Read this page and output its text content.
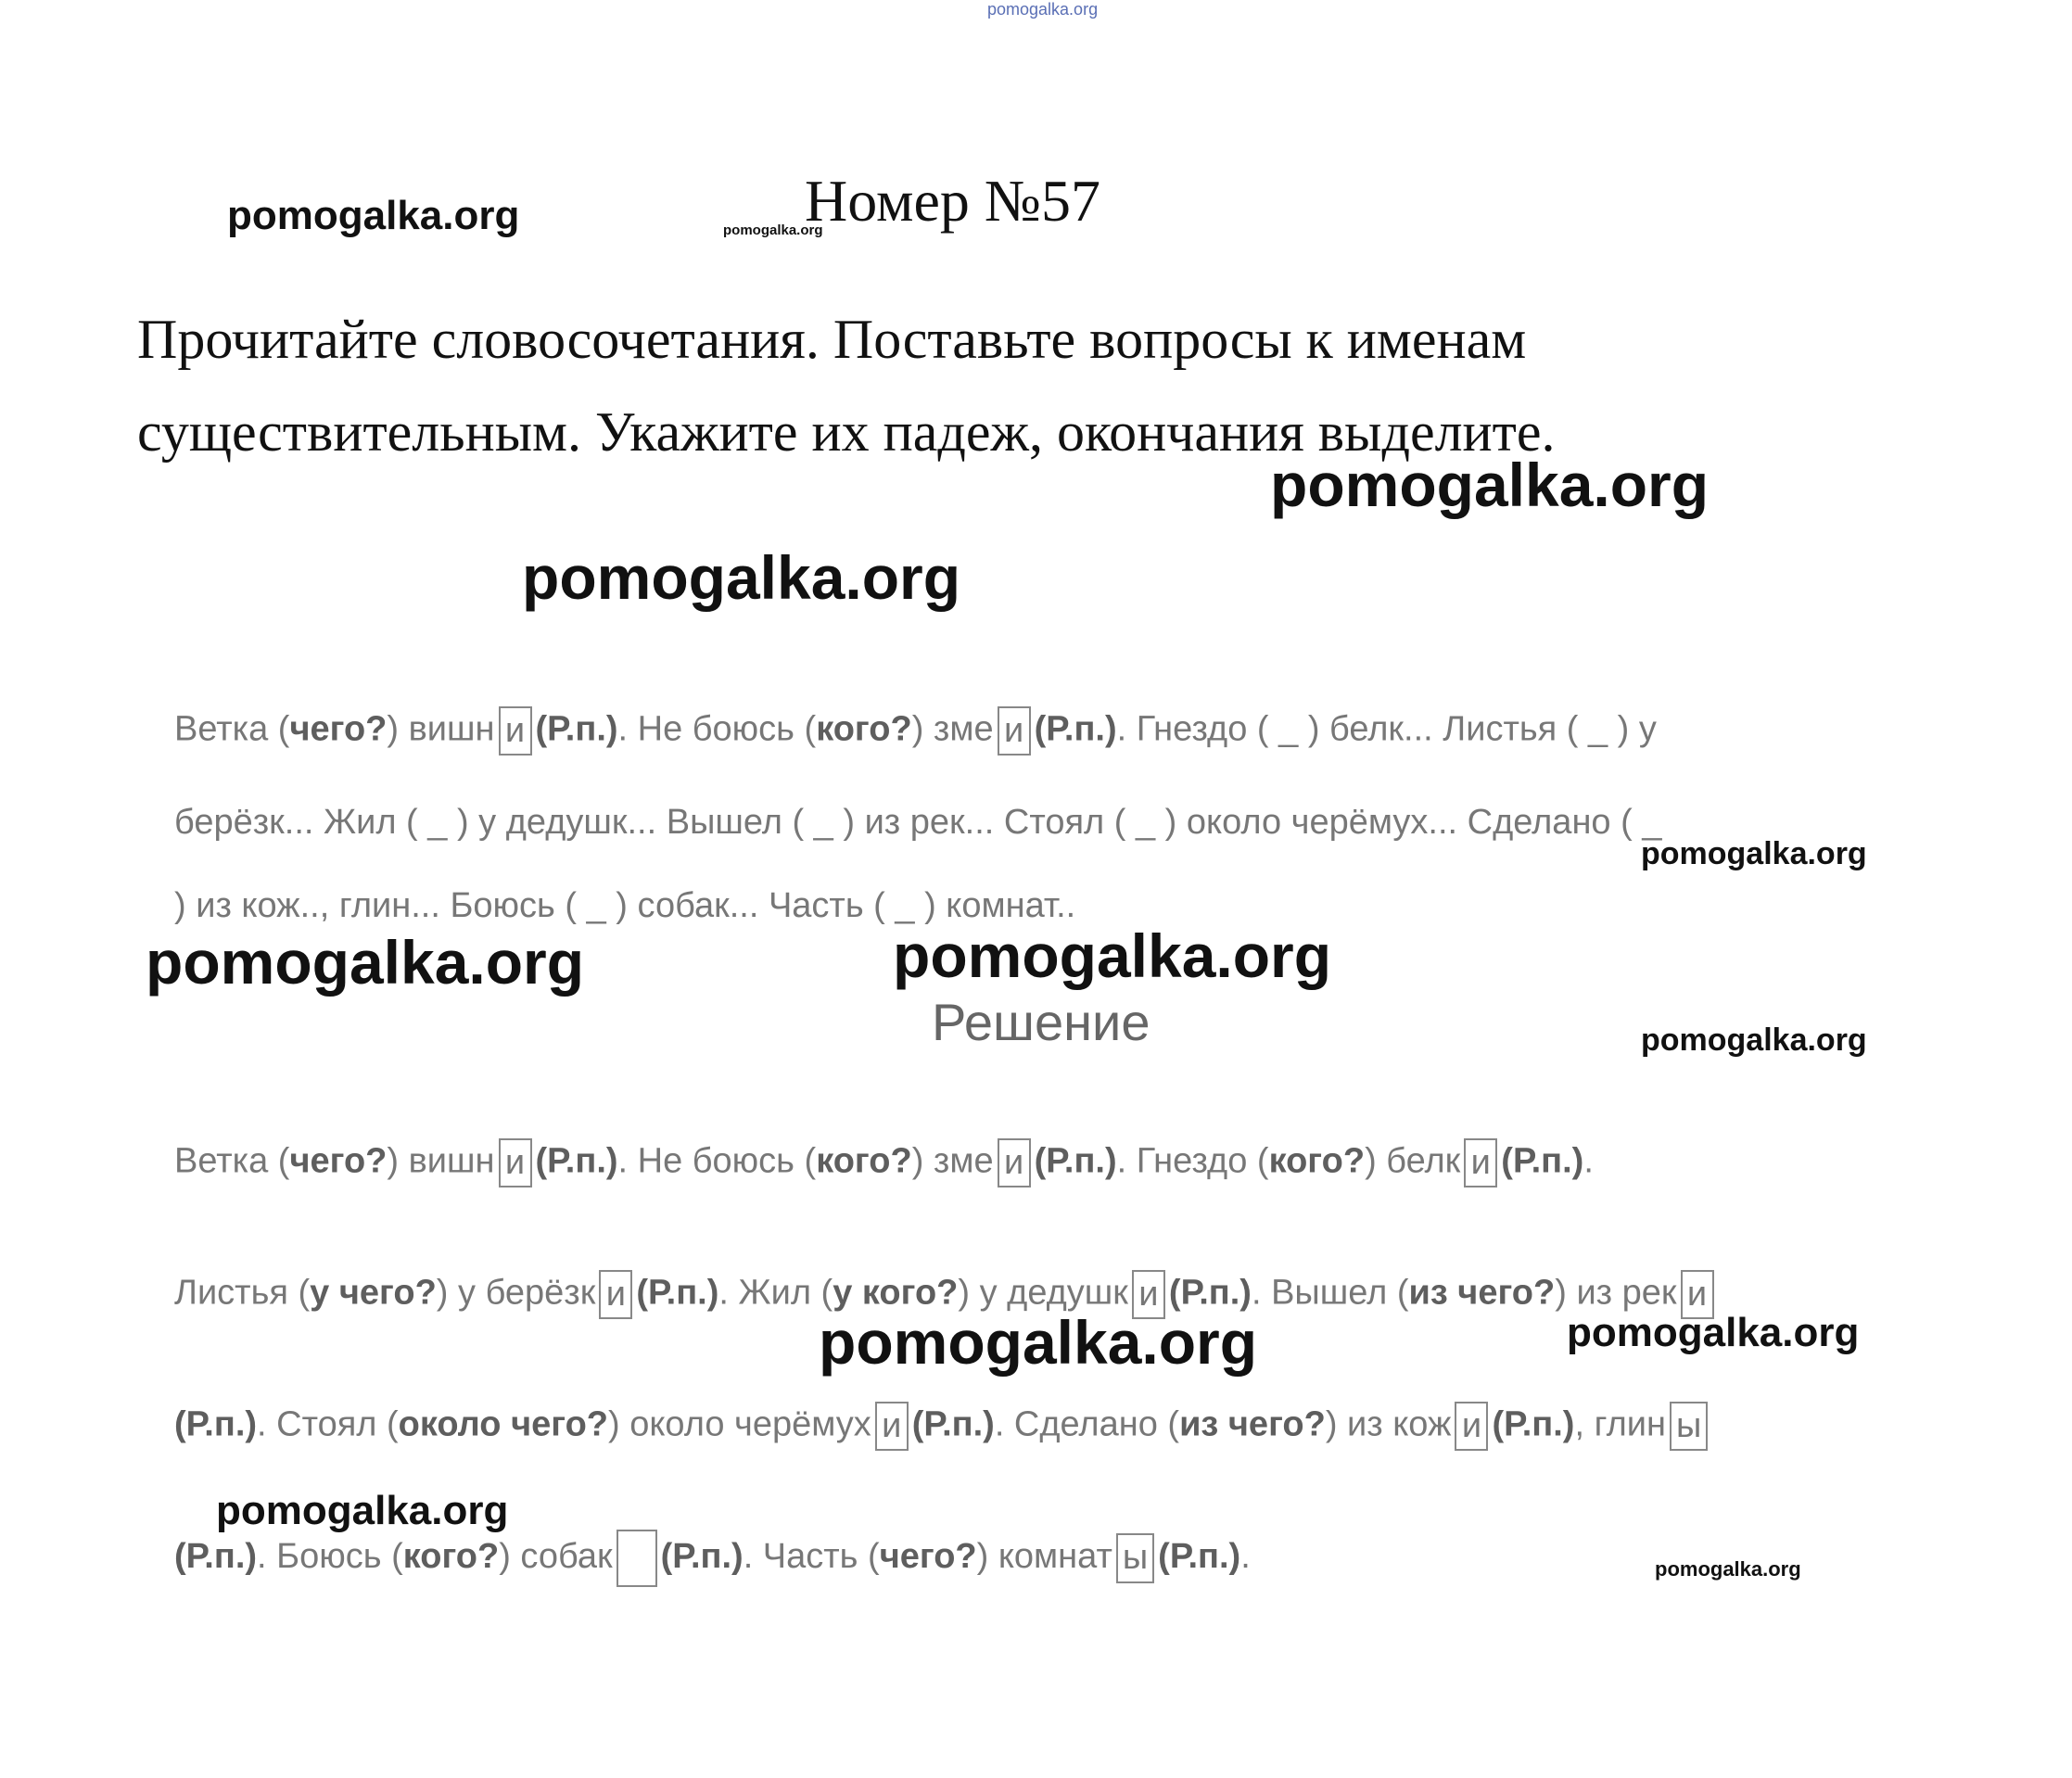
pomogalka.org
pomogalka.org	pomogalka.org
Номер №57
Прочитайте словосочетания. Поставьте вопросы к именам
существительным. Укажите их падеж, окончания выделите.
pomogalka.org
pomogalka.org
Ветка (чего?) вишн и (Р.п.). Не боюсь (кого?) зме и (Р.п.). Гнездо ( _ ) белк... Листья ( _ ) у
берёзк... Жил ( _ ) у дедушк... Вышел ( _ ) из рек... Стоял ( _ ) около черёмух... Сделано ( _
) из кож.., глин... Боюсь ( _ ) собак... Часть ( _ ) комнат..
pomogalka.org
pomogalka.org	pomogalka.org
Решение	pomogalka.org
Ветка (чего?) вишн и (Р.п.). Не боюсь (кого?) зме и (Р.п.). Гнездо (кого?) белк и (Р.п.).
Листья (у чего?) у берёзк и (Р.п.). Жил (у кого?) у дедушк и (Р.п.). Вышел (из чего?) из рек и
pomogalka.org	pomogalka.org
(Р.п.). Стоял (около чего?) около черёмух и (Р.п.). Сделано (из чего?) из кож и (Р.п.), глин ы
pomogalka.org
(Р.п.). Боюсь (кого?) собак (Р.п.). Часть (чего?) комнат ы (Р.п.).	pomogalka.org
